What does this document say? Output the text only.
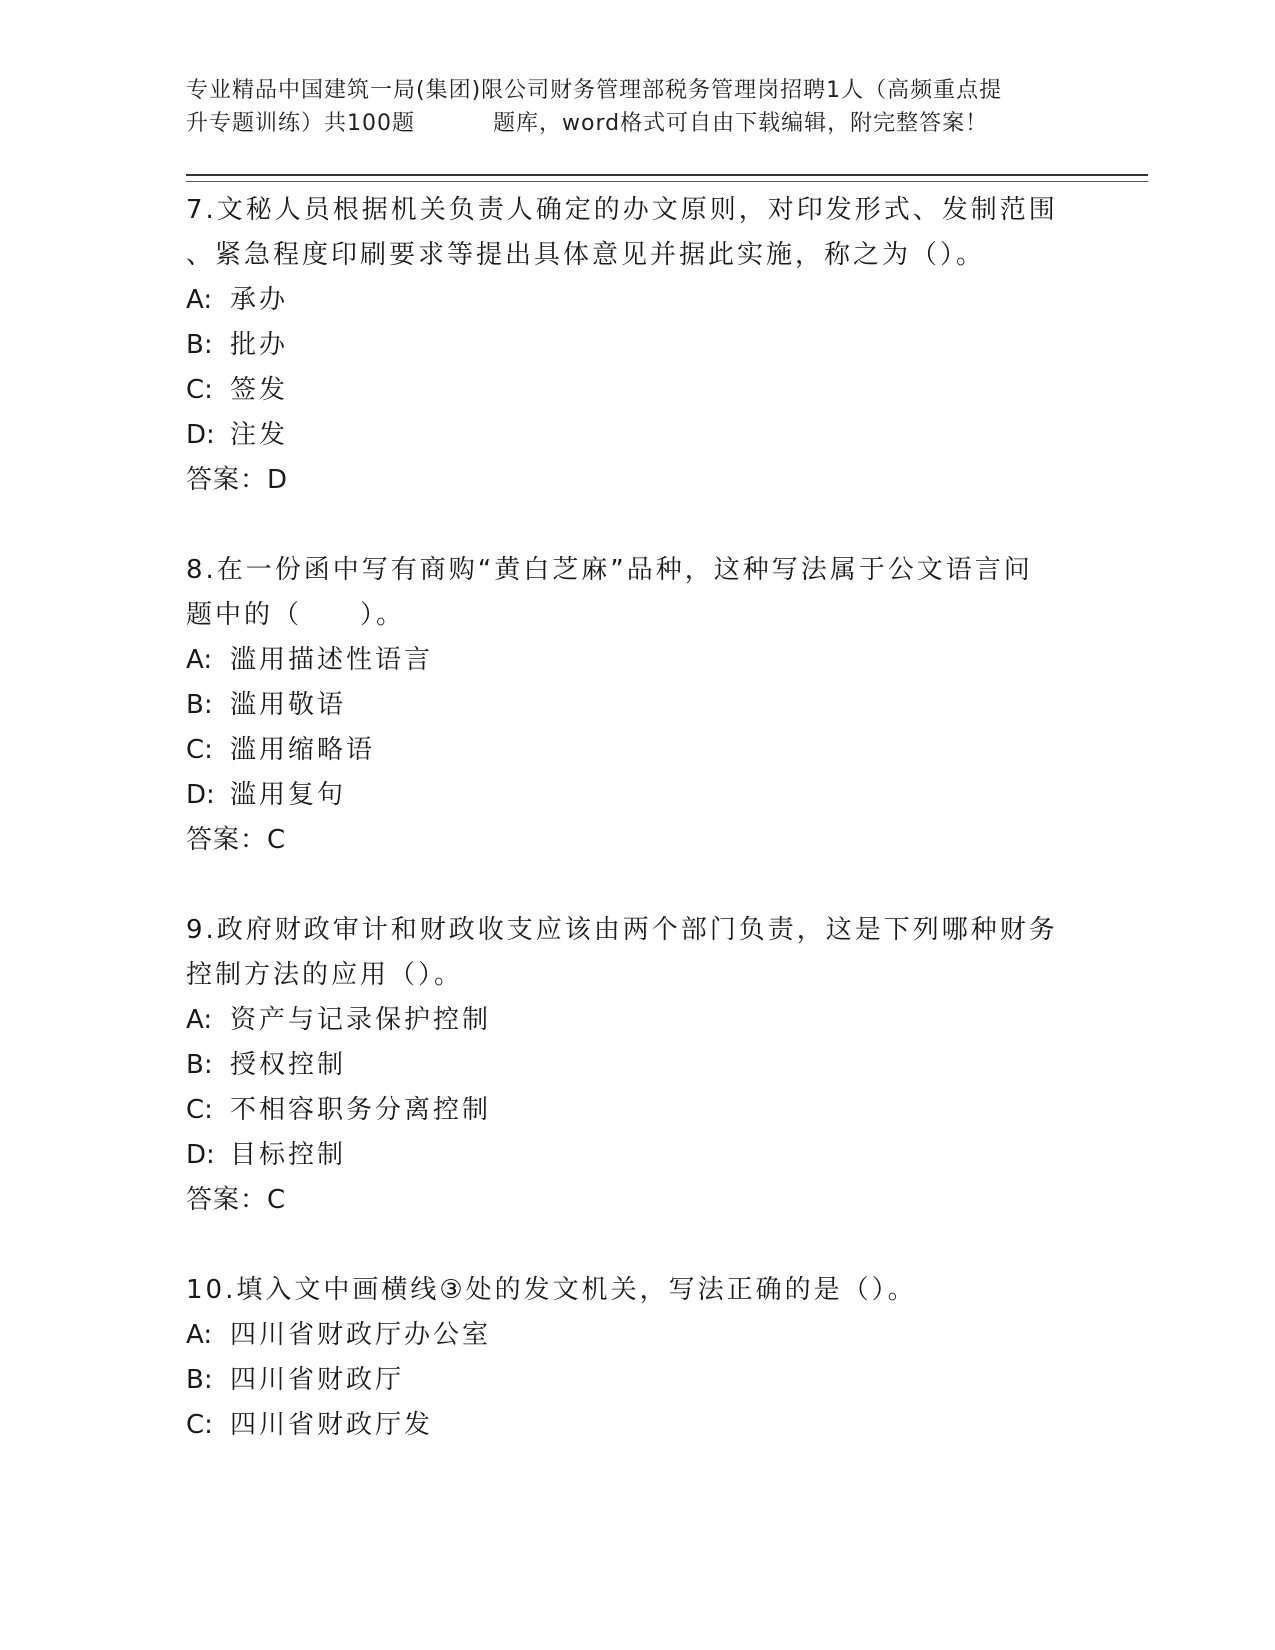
专业精品中国建筑一局(集团)限公司财务管理部税务管理岗招聘1人（高频重点提
升专题训练）共100题	题库，word格式可自由下载编辑，附完整答案！

7.文秘人员根据机关负责人确定的办文原则，对印发形式、发制范围

、紧急程度印刷要求等提出具体意见并据此实施，称之为（）。

A: 承办

B: 批办

C: 签发

D: 注发

答案：D

8.在一份函中写有商购“黄白芝麻”品种，这种写法属于公文语言问

题中的（　　）。

A: 滥用描述性语言

B: 滥用敬语

C: 滥用缩略语

D: 滥用复句

答案：C

9.政府财政审计和财政收支应该由两个部门负责，这是下列哪种财务

控制方法的应用（）。

A: 资产与记录保护控制

B: 授权控制

C: 不相容职务分离控制

D: 目标控制

答案：C

10.填入文中画横线③处的发文机关，写法正确的是（）。

A: 四川省财政厅办公室

B: 四川省财政厅

C: 四川省财政厅发
